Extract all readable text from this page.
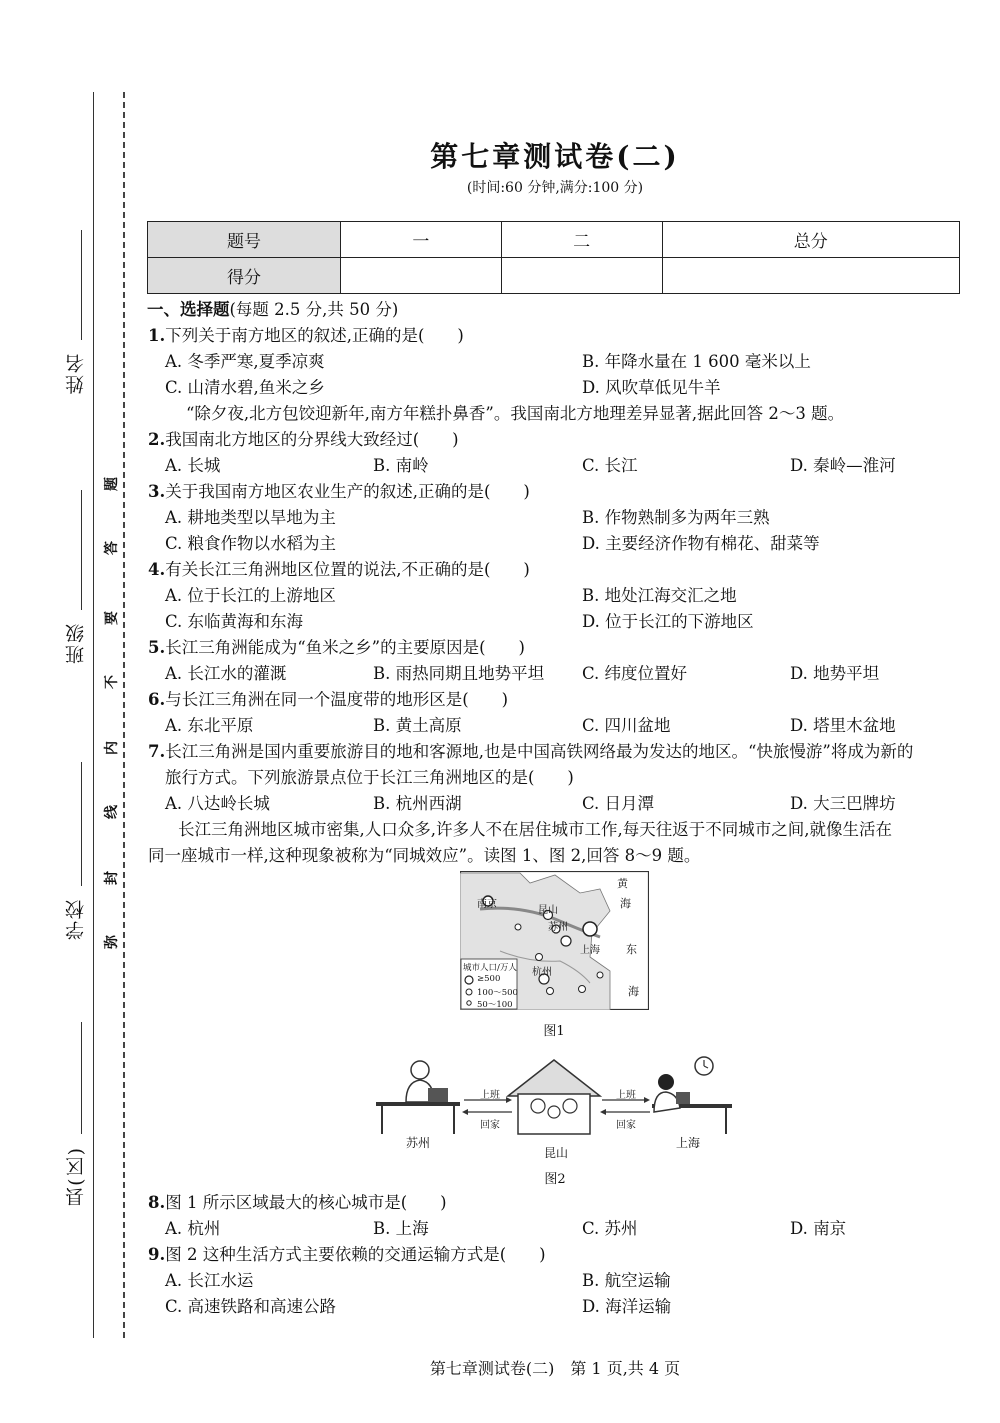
姓名
班级
学校
县(区)
题
答
要
不
内
线
封
弥
第七章测试卷(二)
(时间:60 分钟,满分:100 分)
题号	一	二	总分
得分			
一、选择题(每题 2.5 分,共 50 分)
1.下列关于南方地区的叙述,正确的是(　　)
A. 冬季严寒,夏季凉爽	B. 年降水量在 1 600 毫米以上
C. 山清水碧,鱼米之乡	D. 风吹草低见牛羊
“除夕夜,北方包饺迎新年,南方年糕扑鼻香”。我国南北方地理差异显著,据此回答 2～3 题。
2.我国南北方地区的分界线大致经过(　　)
A. 长城	B. 南岭	C. 长江	D. 秦岭—淮河
3.关于我国南方地区农业生产的叙述,正确的是(　　)
A. 耕地类型以旱地为主	B. 作物熟制多为两年三熟
C. 粮食作物以水稻为主	D. 主要经济作物有棉花、甜菜等
4.有关长江三角洲地区位置的说法,不正确的是(　　)
A. 位于长江的上游地区	B. 地处江海交汇之地
C. 东临黄海和东海	D. 位于长江的下游地区
5.长江三角洲能成为“鱼米之乡”的主要原因是(　　)
A. 长江水的灌溉	B. 雨热同期且地势平坦 C. 纬度位置好	D. 地势平坦
6.与长江三角洲在同一个温度带的地形区是(　　)
A. 东北平原	B. 黄土高原	C. 四川盆地	D. 塔里木盆地
7.长江三角洲是国内重要旅游目的地和客源地,也是中国高铁网络最为发达的地区。“快旅慢游”将成为新的
旅行方式。下列旅游景点位于长江三角洲地区的是(　　)
A. 八达岭长城	B. 杭州西湖	C. 日月潭	D. 大三巴牌坊
长江三角洲地区城市密集,人口众多,许多人不在居住城市工作,每天往返于不同城市之间,就像生活在
同一座城市一样,这种现象被称为“同城效应”。读图 1、图 2,回答 8～9 题。
南京
昆山
苏州
上海
杭州
黄
海
东
海
城市人口/万人
≥500
100～500
50～100
图1
上班
回家
上班
回家
苏州
昆山
上海
图2
8.图 1 所示区域最大的核心城市是(　　)
A. 杭州	B. 上海	C. 苏州	D. 南京
9.图 2 这种生活方式主要依赖的交通运输方式是(　　)
A. 长江水运	B. 航空运输
C. 高速铁路和高速公路	D. 海洋运输
第七章测试卷(二)　第 1 页,共 4 页
